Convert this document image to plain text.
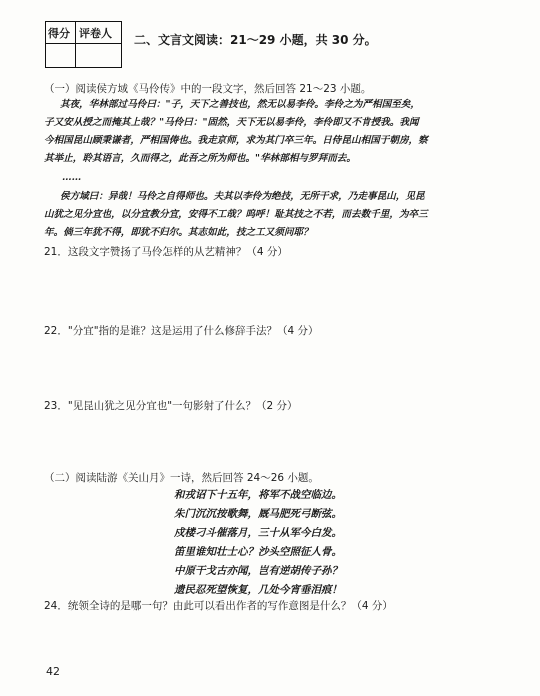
得分 评卷人 二、文言文阅读：21～29 小题，共 30 分。
（一）阅读侯方域《马伶传》中的一段文字，然后回答 21～23 小题。
其夜，华林部过马伶曰："子，天下之善技也，然无以易李伶。李伶之为严相国至矣，
子又安从授之而掩其上哉？"马伶曰："固然，天下无以易李伶，李伶即又不肯授我。我闻
今相国昆山顾秉谦者，严相国俦也。我走京师，求为其门卒三年。日侍昆山相国于朝房，察
其举止，聆其语言，久而得之，此吾之所为师也。"华林部相与罗拜而去。
……
侯方域曰：异哉！马伶之自得师也。夫其以李伶为绝技，无所干求，乃走事昆山，见昆
山犹之见分宜也，以分宜教分宜，安得不工哉？呜呼！耻其技之不若，而去数千里，为卒三
年。倘三年犹不得，即犹不归尔。其志如此，技之工又须问耶？
21．这段文字赞扬了马伶怎样的从艺精神？（4 分）
22．"分宜"指的是谁？这是运用了什么修辞手法？（4 分）
23．"见昆山犹之见分宜也"一句影射了什么？（2 分）
（二）阅读陆游《关山月》一诗，然后回答 24～26 小题。
和戎诏下十五年，将军不战空临边。
朱门沉沉按歌舞，厩马肥死弓断弦。
戍楼刁斗催落月，三十从军今白发。
笛里谁知壮士心？沙头空照征人骨。
中原干戈古亦闻，岂有逆胡传子孙？
遗民忍死望恢复，几处今宵垂泪痕！
24．统领全诗的是哪一句？由此可以看出作者的写作意图是什么？（4 分）
42
